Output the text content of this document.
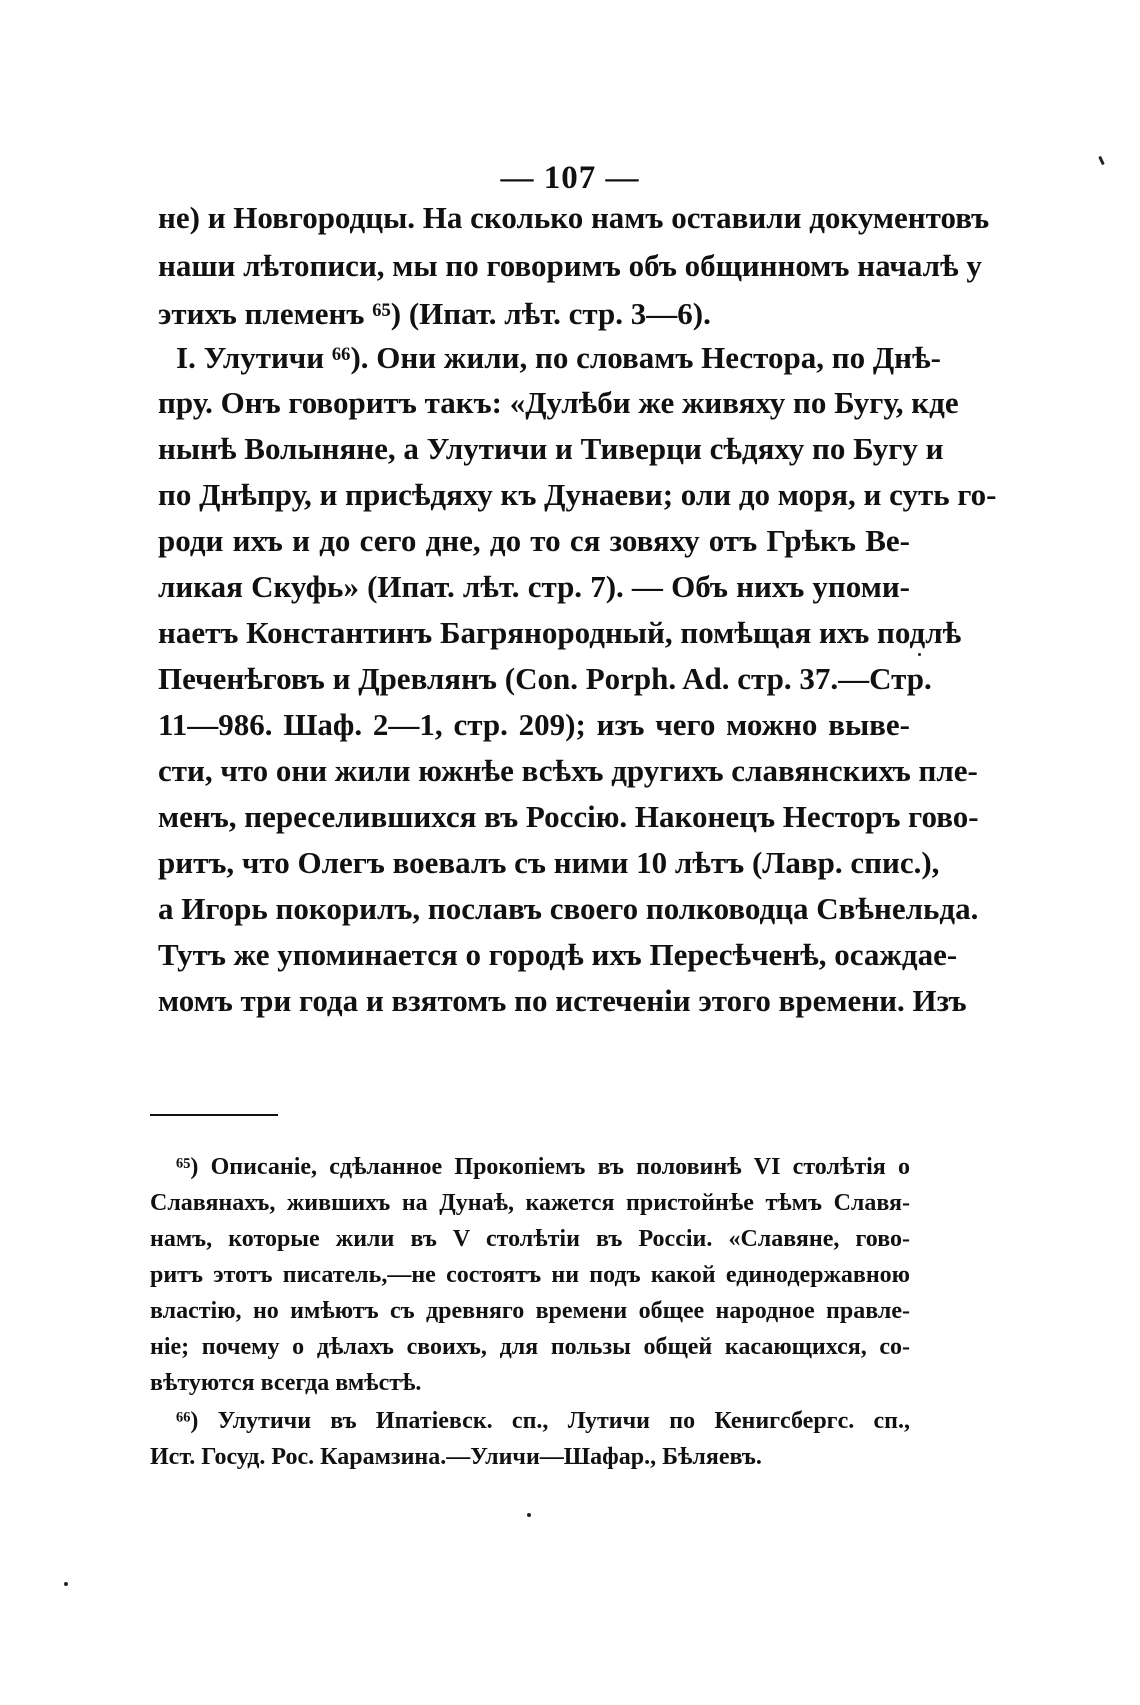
— 107 —
не) и Новгородцы. На сколько намъ оставили документовъ
наши лѣтописи, мы по говоримъ объ общинномъ началѣ у
этихъ племенъ ⁶⁵) (Ипат. лѣт. стр. 3—6).
I. Улутичи ⁶⁶). Они жили, по словамъ Нестора, по Днѣ-
пру. Онъ говоритъ такъ: «Дулѣби же живяху по Бугу, кде
нынѣ Волыняне, а Улутичи и Тиверци сѣдяху по Бугу и
по Днѣпру, и присѣдяху къ Дунаеви; оли до моря, и суть го-
роди ихъ и до сего дне, до то ся зовяху отъ Грѣкъ Ве-
ликая Скуфь» (Ипат. лѣт. стр. 7). — Объ нихъ упоми-
наетъ Константинъ Багрянородный, помѣщая ихъ подлѣ
Печенѣговъ и Древлянъ (Con. Porph. Ad. стр. 37.—Стр.
11—986. Шаф. 2—1, стр. 209); изъ чего можно выве-
сти, что они жили южнѣе всѣхъ другихъ славянскихъ пле-
менъ, переселившихся въ Россію. Наконецъ Несторъ гово-
ритъ, что Олегъ воевалъ съ ними 10 лѣтъ (Лавр. спис.),
а Игорь покорилъ, пославъ своего полководца Свѣнельда.
Тутъ же упоминается о городѣ ихъ Пересѣченѣ, осаждае-
момъ три года и взятомъ по истеченіи этого времени. Изъ
⁶⁵) Описаніе, сдѣланное Прокопіемъ въ половинѣ VI столѣтія о
Славянахъ, жившихъ на Дунаѣ, кажется пристойнѣе тѣмъ Славя-
намъ, которые жили въ V столѣтіи въ Россіи. «Славяне, гово-
ритъ этотъ писатель,—не состоятъ ни подъ какой единодержавною
властію, но имѣютъ съ древняго времени общее народное правле-
ніе; почему о дѣлахъ своихъ, для пользы общей касающихся, со-
вѣтуются всегда вмѣстѣ.
⁶⁶) Улутичи въ Ипатіевск. сп., Лутичи по Кенигсбергс. сп.,
Ист. Госуд. Рос. Карамзина.—Уличи—Шафар., Бѣляевъ.
